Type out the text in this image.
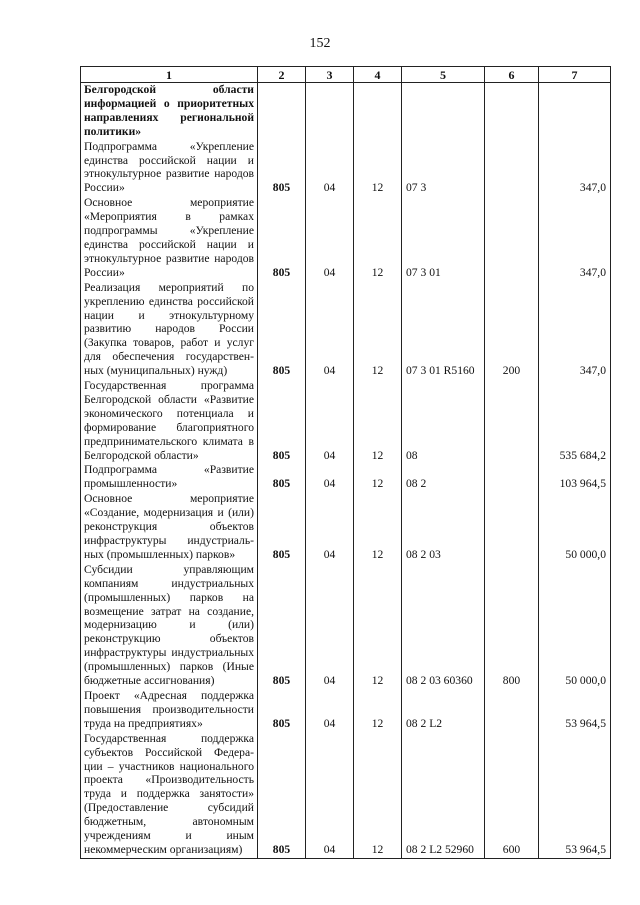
152
1	2	3	4	5	6	7
Белгородской области информацией о приоритетных направлениях региональной политики»						
Подпрограмма «Укрепление единства российской нации и этнокультурное развитие народов России»	805	04	12	07 3		347,0
Основное мероприятие «Мероприятия в рамках подпрограммы «Укрепление единства российской нации и этнокультурное развитие народов России»	805	04	12	07 3 01		347,0
Реализация мероприятий по укреплению единства российской нации и этнокультурному развитию народов России (Закупка товаров, работ и услуг для обеспечения государствен-ных (муниципальных) нужд)	805	04	12	07 3 01 R5160	200	347,0
Государственная программа Белгородской области «Развитие экономического потенциала и формирование благоприятного предпринимательского климата в Белгородской области»	805	04	12	08		535 684,2
Подпрограмма «Развитие промышленности»	805	04	12	08 2		103 964,5
Основное мероприятие «Создание, модернизация и (или) реконструкция объектов инфраструктуры индустриаль-ных (промышленных) парков»	805	04	12	08 2 03		50 000,0
Субсидии управляющим компаниям индустриальных (промышленных) парков на возмещение затрат на создание, модернизацию и (или) реконструкцию объектов инфраструктуры индустриальных (промышленных) парков (Иные бюджетные ассигнования)	805	04	12	08 2 03 60360	800	50 000,0
Проект «Адресная поддержка повышения производительности труда на предприятиях»	805	04	12	08 2 L2		53 964,5
Государственная поддержка субъектов Российской Федера-ции – участников национального проекта «Производительность труда и поддержка занятости» (Предоставление субсидий бюджетным, автономным учреждениям и иным некоммерческим организациям)	805	04	12	08 2 L2 52960	600	53 964,5
